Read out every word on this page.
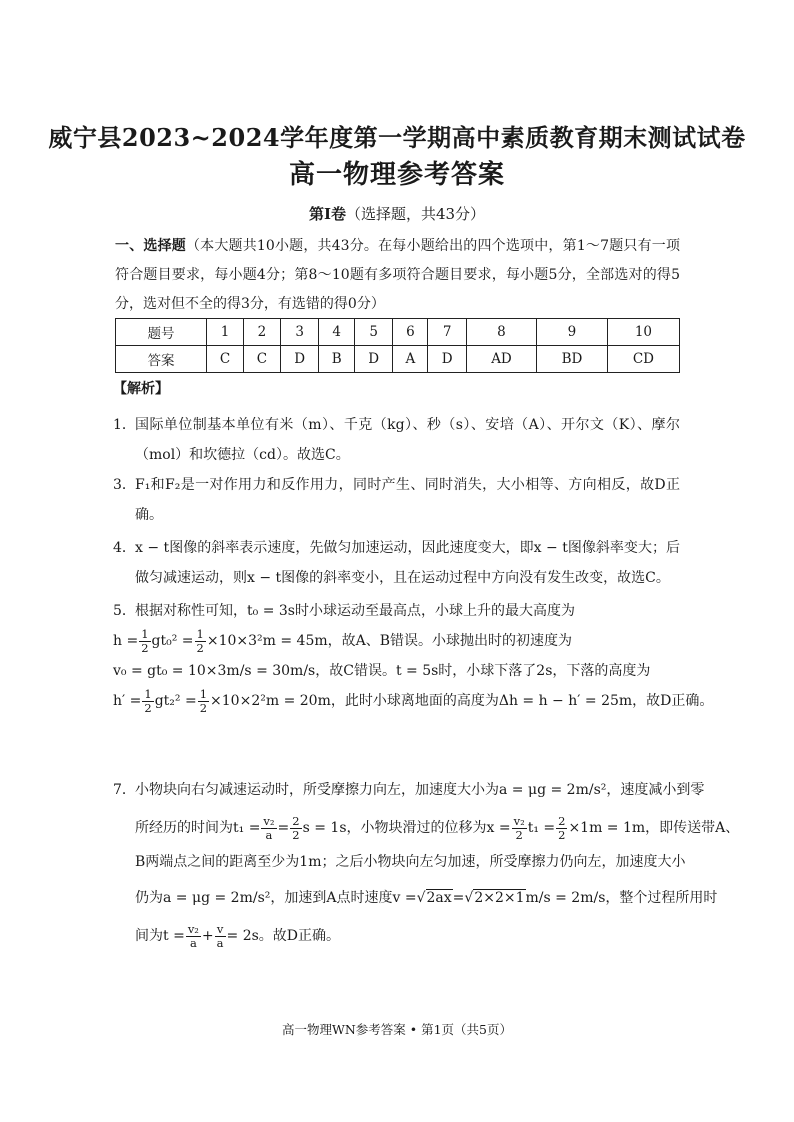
威宁县2023~2024学年度第一学期高中素质教育期末测试试卷
高一物理参考答案
第Ⅰ卷（选择题，共43分）
一、选择题（本大题共10小题，共43分。在每小题给出的四个选项中，第1～7题只有一项符合题目要求，每小题4分；第8～10题有多项符合题目要求，每小题5分，全部选对的得5分，选对但不全的得3分，有选错的得0分）
题号	1	2	3	4	5	6	7	8	9	10
答案	C	C	D	B	D	A	D	AD	BD	CD
【解析】
1． 国际单位制基本单位有米（m）、千克（kg）、秒（s）、安培（A）、开尔文（K）、摩尔（mol）和坎德拉（cd）。故选C。
3． F₁和F₂是一对作用力和反作用力，同时产生、同时消失，大小相等、方向相反，故D正确。
4． x − t图像的斜率表示速度，先做匀加速运动，因此速度变大，即x − t图像斜率变大；后做匀减速运动，则x − t图像的斜率变小，且在运动过程中方向没有发生改变，故选C。
5． 根据对称性可知，t₀ = 3s时小球运动至最高点，小球上升的最大高度为
$h = \frac{1}{2} gt_0^2 = \frac{1}{2} \times 10\times 3^2m = 45m$，故A、B错误。小球抛出时的初速度为
v₀ = gt₀ = 10×3m/s = 30m/s，故C错误。t = 5s时，小球下落了2s，下落的高度为
$h' = \frac{1}{2} gt_2^2 = \frac{1}{2} \times 10\times 2^2m = 20m$，此时小球离地面的高度为Δh = h − h′ = 25m，故D正确。
7． 小物块向右匀减速运动时，所受摩擦力向左，加速度大小为a = μg = 2m/s²，速度减小到零
所经历的时间为$t_1 = \frac{\text{v₂}}{a} = \frac{2}{2}$ s = 1s，小物块滑过的位移为$x = \frac{\text{v₂}}{2} t_1 = \frac{2}{2} \times 1m = 1m$，即传送带A、
B两端点之间的距离至少为1m；之后小物块向左匀加速，所受摩擦力仍向左，加速度大小
仍为a = μg = 2m/s²，加速到A点时速度v =√2ax=√2×2×1m/s = 2m/s，整个过程所用时
间为$t = \frac{\text{v₂}}{a} + \frac{v}{a} = 2s$。故D正确。
高一物理WN参考答案 • 第1页（共5页）
